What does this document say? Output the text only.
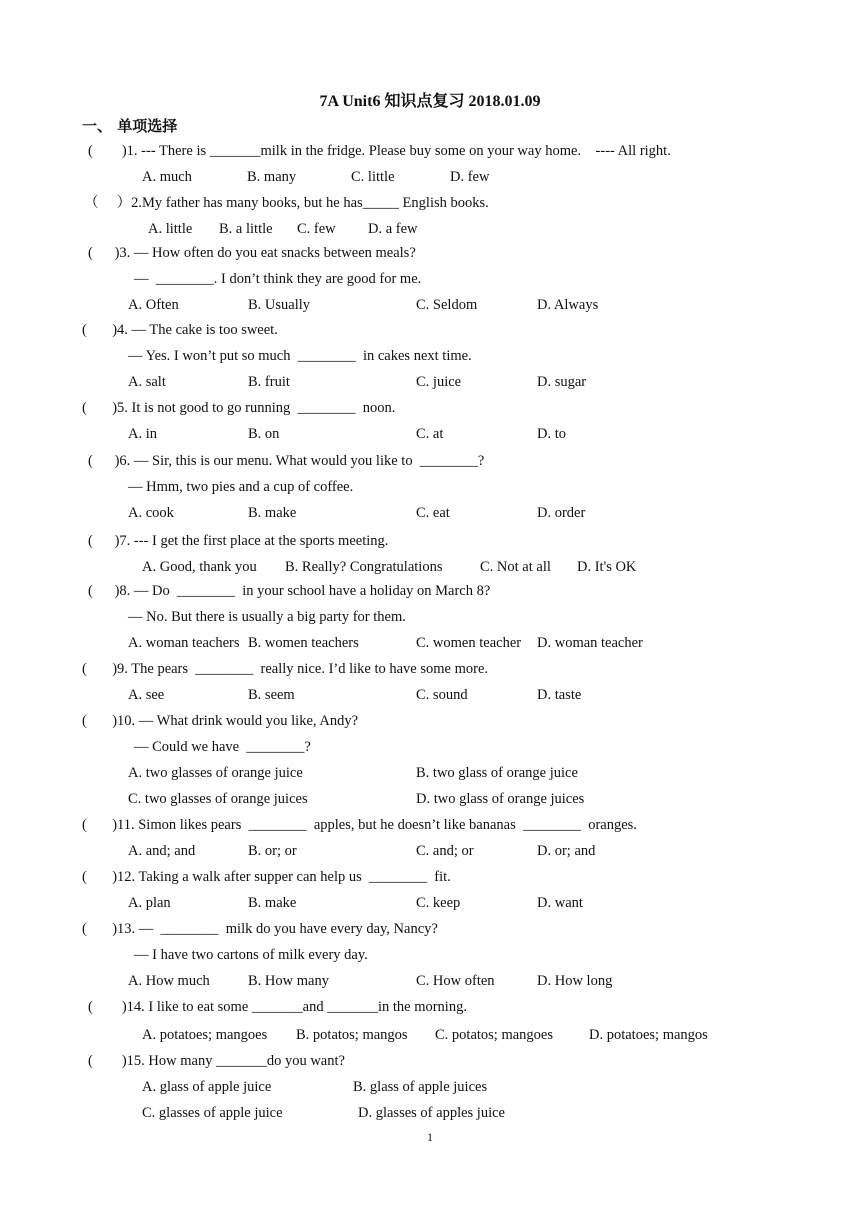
7A Unit6 知识点复习 2018.01.09
一、 单项选择
(        )1. --- There is _______milk in the fridge. Please buy some on your way home.    ---- All right.
A. much	B. many	C. little	D. few
（     ）2.My father has many books, but he has_____ English books.
A. little B. a little C. few D. a few
(      )3. — How often do you eat snacks between meals?
—  ________. I don’t think they are good for me.
A. Often	B. Usually	C. Seldom	D. Always
(       )4. — The cake is too sweet.
— Yes. I won’t put so much  ________  in cakes next time.
A. salt	B. fruit	C. juice	D. sugar
(       )5. It is not good to go running  ________  noon.
A. in	B. on	C. at	D. to
(      )6. — Sir, this is our menu. What would you like to  ________?
— Hmm, two pies and a cup of coffee.
A. cook	B. make	C. eat	D. order
(      )7. --- I get the first place at the sports meeting.
A. Good, thank you B. Really? Congratulations	C. Not at all D. It's OK
(      )8. — Do  ________  in your school have a holiday on March 8?
— No. But there is usually a big party for them.
A. woman teachers B. women teachers	C. women teacher D. woman teacher
(       )9. The pears  ________  really nice. I’d like to have some more.
A. see	B. seem	C. sound	D. taste
(       )10. — What drink would you like, Andy?
— Could we have  ________?
A. two glasses of orange juice	B. two glass of orange juice
C. two glasses of orange juices	D. two glass of orange juices
(       )11. Simon likes pears  ________  apples, but he doesn’t like bananas  ________  oranges.
A. and; and	B. or; or	C. and; or	D. or; and
(       )12. Taking a walk after supper can help us  ________  fit.
A. plan	B. make	C. keep	D. want
(       )13. —  ________  milk do you have every day, Nancy?
— I have two cartons of milk every day.
A. How much	B. How many	C. How often	D. How long
(        )14. I like to eat some _______and _______in the morning.
A. potatoes; mangoes B. potatos; mangos C. potatos; mangoes D. potatoes; mangos
(        )15. How many _______do you want?
A. glass of apple juice	B. glass of apple juices
C. glasses of apple juice	D. glasses of apples juice
1
